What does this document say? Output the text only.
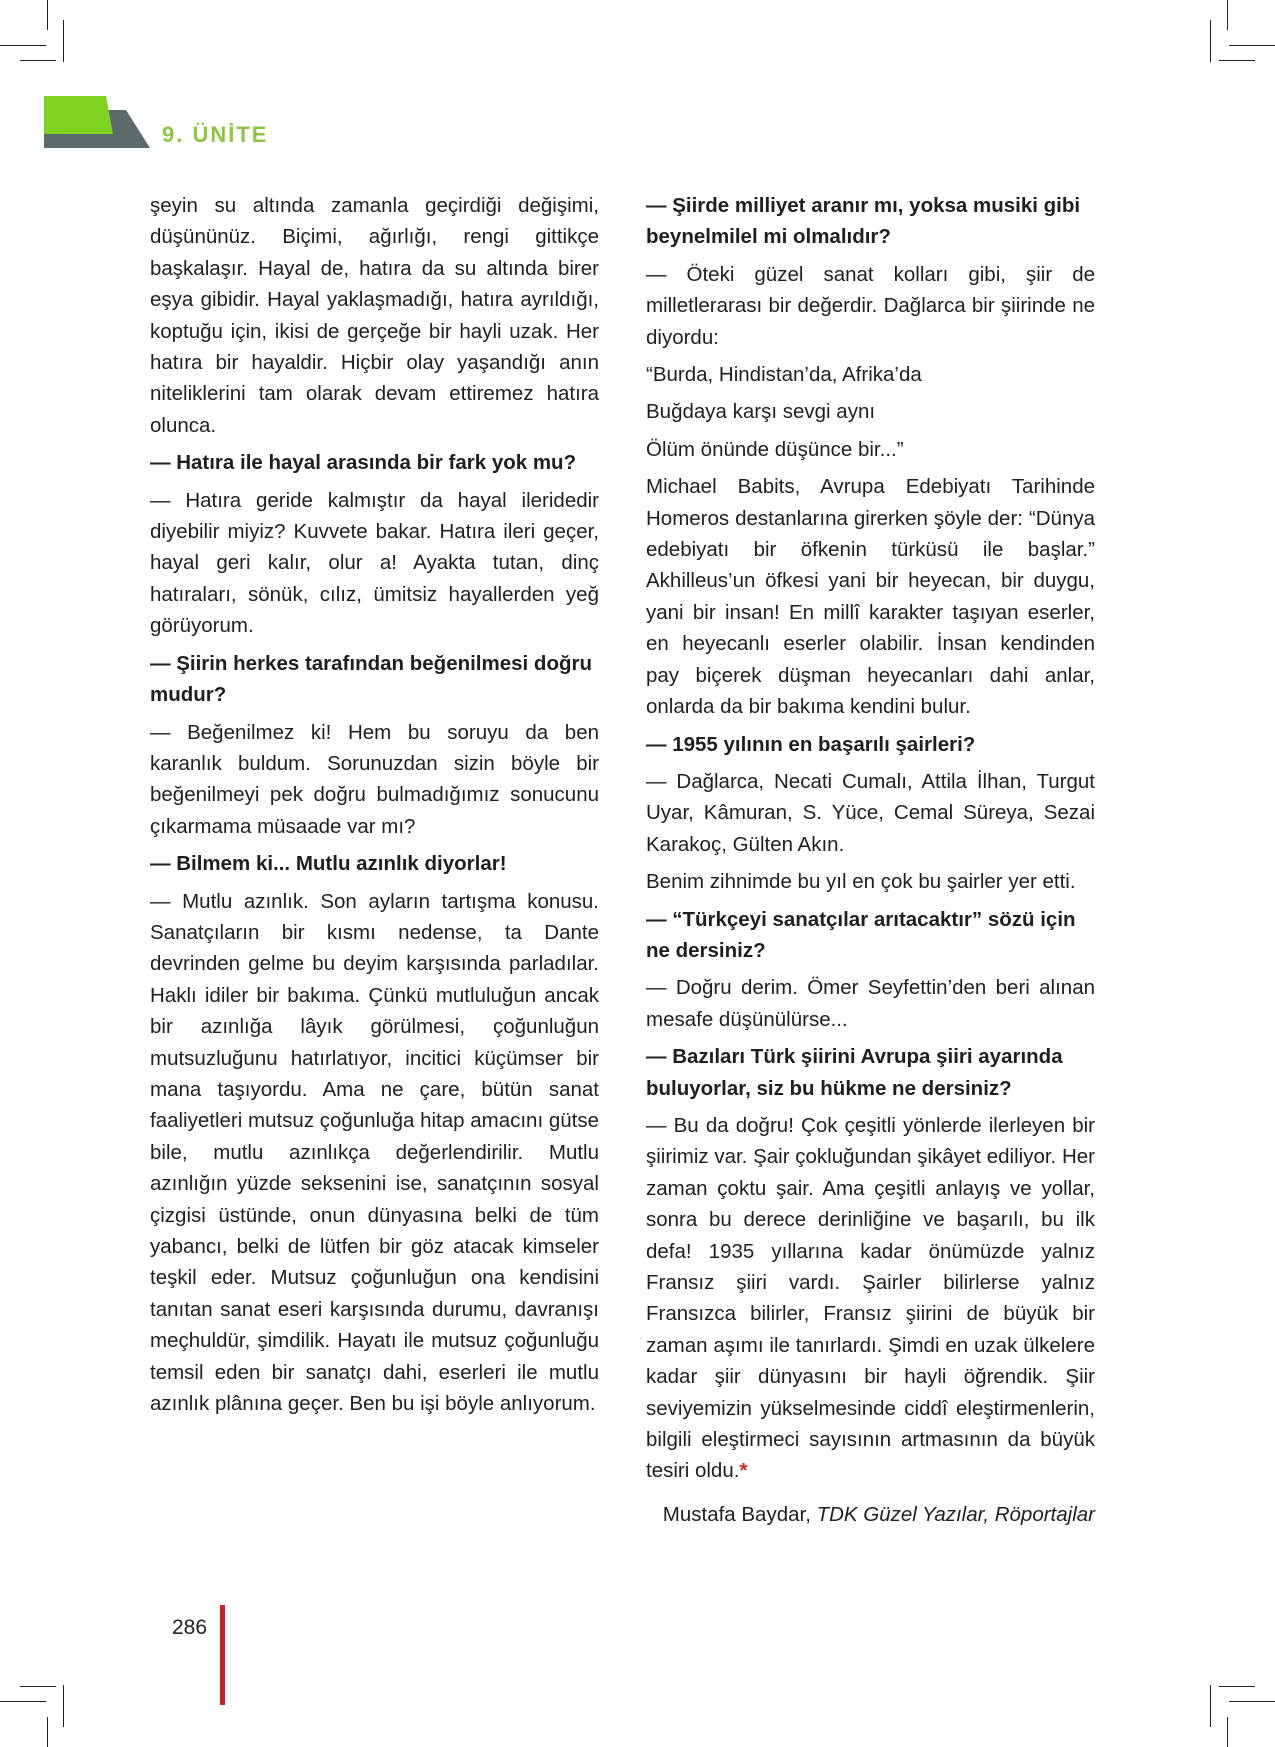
9. ÜNİTE

şeyin su altında zamanla geçirdiği değişimi, düşününüz. Biçimi, ağırlığı, rengi gittikçe başkalaşır. Hayal de, hatıra da su altında birer eşya gibidir. Hayal yaklaşmadığı, hatıra ayrıldığı, koptuğu için, ikisi de gerçeğe bir hayli uzak. Her hatıra bir hayaldir. Hiçbir olay yaşandığı anın niteliklerini tam olarak devam ettiremez hatıra olunca.

— Hatıra ile hayal arasında bir fark yok mu?

— Hatıra geride kalmıştır da hayal ileridedir diyebilir miyiz? Kuvvete bakar. Hatıra ileri geçer, hayal geri kalır, olur a! Ayakta tutan, dinç hatıraları, sönük, cılız, ümitsiz hayallerden yeğ görüyorum.

— Şiirin herkes tarafından beğenilmesi doğru mudur?

— Beğenilmez ki! Hem bu soruyu da ben karanlık buldum. Sorunuzdan sizin böyle bir beğenilmeyi pek doğru bulmadığımız sonucunu çıkarmama müsaade var mı?

— Bilmem ki... Mutlu azınlık diyorlar!

— Mutlu azınlık. Son ayların tartışma konusu. Sanatçıların bir kısmı nedense, ta Dante devrinden gelme bu deyim karşısında parladılar. Haklı idiler bir bakıma. Çünkü mutluluğun ancak bir azınlığa lâyık görülmesi, çoğunluğun mutsuzluğunu hatırlatıyor, incitici küçümser bir mana taşıyordu. Ama ne çare, bütün sanat faaliyetleri mutsuz çoğunluğa hitap amacını gütse bile, mutlu azınlıkça değerlendirilir. Mutlu azınlığın yüzde seksenini ise, sanatçının sosyal çizgisi üstünde, onun dünyasına belki de tüm yabancı, belki de lütfen bir göz atacak kimseler teşkil eder. Mutsuz çoğunluğun ona kendisini tanıtan sanat eseri karşısında durumu, davranışı meçhuldür, şimdilik. Hayatı ile mutsuz çoğunluğu temsil eden bir sanatçı dahi, eserleri ile mutlu azınlık plânına geçer. Ben bu işi böyle anlıyorum.

— Şiirde milliyet aranır mı, yoksa musiki gibi beynelmilel mi olmalıdır?

— Öteki güzel sanat kolları gibi, şiir de milletlerarası bir değerdir. Dağlarca bir şiirinde ne diyordu:

“Burda, Hindistan’da, Afrika’da

Buğdaya karşı sevgi aynı

Ölüm önünde düşünce bir...”

Michael Babits, Avrupa Edebiyatı Tarihinde Homeros destanlarına girerken şöyle der: “Dünya edebiyatı bir öfkenin türküsü ile başlar.” Akhilleus’un öfkesi yani bir heyecan, bir duygu, yani bir insan! En millî karakter taşıyan eserler, en heyecanlı eserler olabilir. İnsan kendinden pay biçerek düşman heyecanları dahi anlar, onlarda da bir bakıma kendini bulur.

— 1955 yılının en başarılı şairleri?

— Dağlarca, Necati Cumalı, Attila İlhan, Turgut Uyar, Kâmuran, S. Yüce, Cemal Süreya, Sezai Karakoç, Gülten Akın.

Benim zihnimde bu yıl en çok bu şairler yer etti.

— “Türkçeyi sanatçılar arıtacaktır” sözü için ne dersiniz?

— Doğru derim. Ömer Seyfettin’den beri alınan mesafe düşünülürse...

— Bazıları Türk şiirini Avrupa şiiri ayarında buluyorlar, siz bu hükme ne dersiniz?

— Bu da doğru! Çok çeşitli yönlerde ilerleyen bir şiirimiz var. Şair çokluğundan şikâyet ediliyor. Her zaman çoktu şair. Ama çeşitli anlayış ve yollar, sonra bu derece derinliğine ve başarılı, bu ilk defa! 1935 yıllarına kadar önümüzde yalnız Fransız şiiri vardı. Şairler bilirlerse yalnız Fransızca bilirler, Fransız şiirini de büyük bir zaman aşımı ile tanırlardı. Şimdi en uzak ülkelere kadar şiir dünyasını bir hayli öğrendik. Şiir seviyemizin yükselmesinde ciddî eleştirmenlerin, bilgili eleştirmeci sayısının artmasının da büyük tesiri oldu.*

Mustafa Baydar, TDK Güzel Yazılar, Röportajlar

286
